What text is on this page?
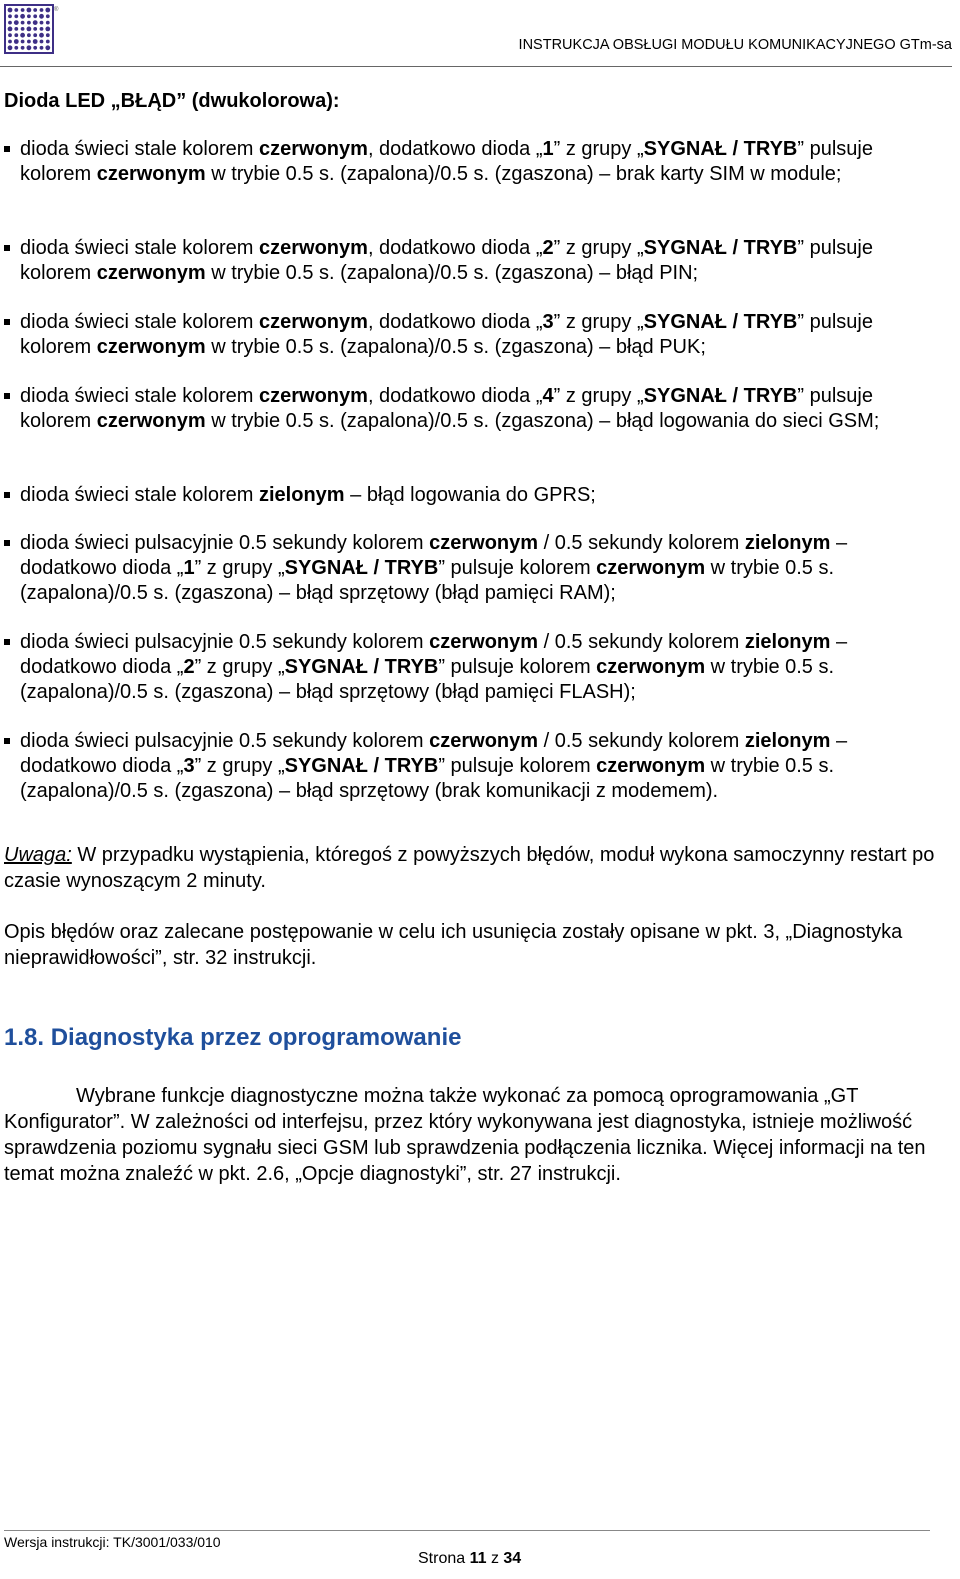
®
INSTRUKCJA OBSŁUGI MODUŁU KOMUNIKACYJNEGO GTm-sa
Dioda LED „BŁĄD” (dwukolorowa):
dioda świeci stale kolorem czerwonym, dodatkowo dioda „1” z grupy „SYGNAŁ / TRYB” pulsuje kolorem czerwonym w trybie 0.5 s. (zapalona)/0.5 s. (zgaszona) – brak karty SIM w module;
dioda świeci stale kolorem czerwonym, dodatkowo dioda „2” z grupy „SYGNAŁ / TRYB” pulsuje kolorem czerwonym w trybie 0.5 s. (zapalona)/0.5 s. (zgaszona) – błąd PIN;
dioda świeci stale kolorem czerwonym, dodatkowo dioda „3” z grupy „SYGNAŁ / TRYB” pulsuje kolorem czerwonym w trybie 0.5 s. (zapalona)/0.5 s. (zgaszona) – błąd PUK;
dioda świeci stale kolorem czerwonym, dodatkowo dioda „4” z grupy „SYGNAŁ / TRYB” pulsuje kolorem czerwonym w trybie 0.5 s. (zapalona)/0.5 s. (zgaszona) – błąd logowania do sieci GSM;
dioda świeci stale kolorem zielonym – błąd logowania do GPRS;
dioda świeci pulsacyjnie 0.5 sekundy kolorem czerwonym / 0.5 sekundy kolorem zielonym – dodatkowo dioda „1” z grupy „SYGNAŁ / TRYB” pulsuje kolorem czerwonym w trybie 0.5 s. (zapalona)/0.5 s. (zgaszona) – błąd sprzętowy (błąd pamięci RAM);
dioda świeci pulsacyjnie 0.5 sekundy kolorem czerwonym / 0.5 sekundy kolorem zielonym – dodatkowo dioda „2” z grupy „SYGNAŁ / TRYB” pulsuje kolorem czerwonym w trybie 0.5 s. (zapalona)/0.5 s. (zgaszona) – błąd sprzętowy (błąd pamięci FLASH);
dioda świeci pulsacyjnie 0.5 sekundy kolorem czerwonym / 0.5 sekundy kolorem zielonym – dodatkowo dioda „3” z grupy „SYGNAŁ / TRYB” pulsuje kolorem czerwonym w trybie 0.5 s. (zapalona)/0.5 s. (zgaszona) – błąd sprzętowy (brak komunikacji z modemem).
Uwaga: W przypadku wystąpienia, któregoś z powyższych błędów, moduł wykona samoczynny restart po czasie wynoszącym 2 minuty.
Opis błędów oraz zalecane postępowanie w celu ich usunięcia zostały opisane w pkt. 3, „Diagnostyka nieprawidłowości”, str. 32 instrukcji.
1.8. Diagnostyka przez oprogramowanie
Wybrane funkcje diagnostyczne można także wykonać za pomocą oprogramowania „GT Konfigurator”. W zależności od interfejsu, przez który wykonywana jest diagnostyka, istnieje możliwość sprawdzenia poziomu sygnału sieci GSM lub sprawdzenia podłączenia licznika. Więcej informacji na ten temat można znaleźć w pkt. 2.6, „Opcje diagnostyki”, str. 27 instrukcji.
Wersja instrukcji: TK/3001/033/010
Strona 11 z 34
